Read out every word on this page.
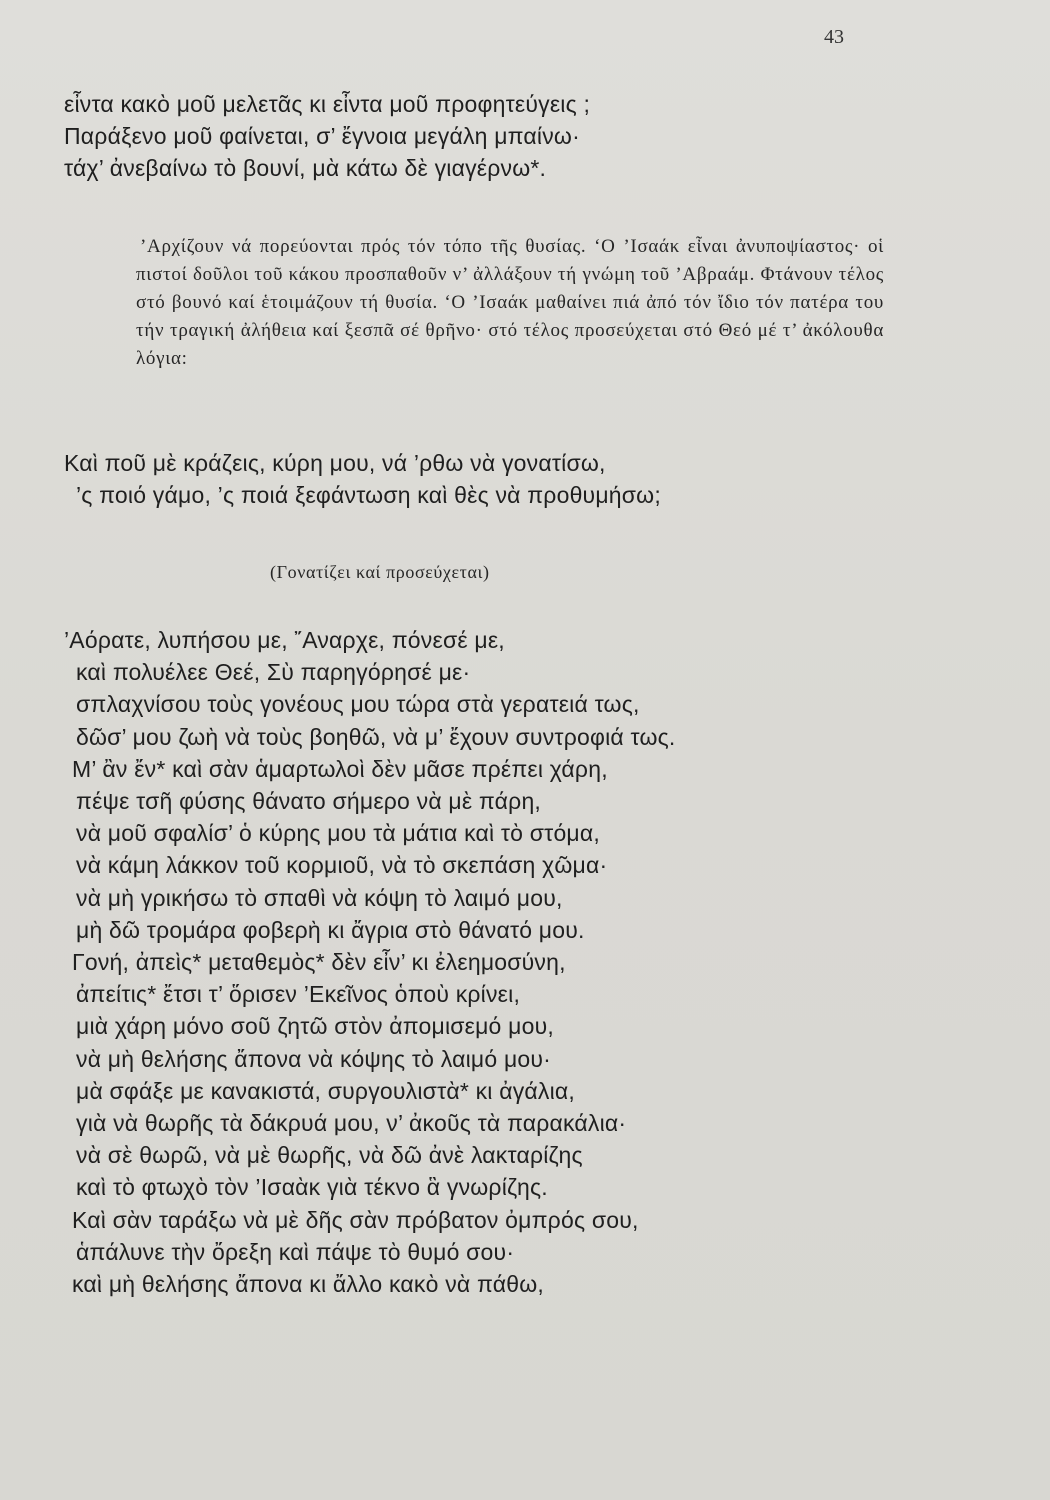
43
εἶντα κακὸ μοῦ μελετᾶς κι εἶντα μοῦ προφητεύγεις ;
Παράξενο μοῦ φαίνεται, σ’ ἔγνοια μεγάλη μπαίνω·
τάχ’ ἀνεβαίνω τὸ βουνί, μὰ κάτω δὲ γιαγέρνω*.
’Αρχίζουν νά πορεύονται πρός τόν τόπο τῆς θυσίας. ‘Ο ’Ισαάκ εἶναι ἀνυποψίαστος· οἱ πιστοί δοῦλοι τοῦ κάκου προσπαθοῦν ν’ ἀλλάξουν τή γνώμη τοῦ ’Αβραάμ. Φτάνουν τέλος στό βουνό καί ἑτοιμάζουν τή θυσία. ‘Ο ’Ισαάκ μαθαίνει πιά ἀπό τόν ἴδιο τόν πατέρα του τήν τραγική ἀλήθεια καί ξεσπᾶ σέ θρῆνο· στό τέλος προσεύχεται στό Θεό μέ τ’ ἀκόλουθα λόγια:
Καὶ ποῦ μὲ κράζεις, κύρη μου, νά ’ρθω νὰ γονατίσω,
’ς ποιό γάμο, ’ς ποιά ξεφάντωση καὶ θὲς νὰ προθυμήσω;
(Γονατίζει καί προσεύχεται)
’Αόρατε, λυπήσου με, ῎Αναρχε, πόνεσέ με,
καὶ πολυέλεε Θεέ, Σὺ παρηγόρησέ με·
σπλαχνίσου τοὺς γονέους μου τώρα στὰ γερατειά τως,
δῶσ’ μου ζωὴ νὰ τοὺς βοηθῶ, νὰ μ’ ἔχουν συντροφιά τως.
Μ’ ἂν ἔν* καὶ σὰν ἁμαρτωλοὶ δὲν μᾶσε πρέπει χάρη,
πέψε τσῆ φύσης θάνατο σήμερο νὰ μὲ πάρη,
νὰ μοῦ σφαλίσ’ ὁ κύρης μου τὰ μάτια καὶ τὸ στόμα,
νὰ κάμη λάκκον τοῦ κορμιοῦ, νὰ τὸ σκεπάση χῶμα·
νὰ μὴ γρικήσω τὸ σπαθὶ νὰ κόψη τὸ λαιμό μου,
μὴ δῶ τρομάρα φοβερὴ κι ἄγρια στὸ θάνατό μου.
Γονή, ἀπεὶς* μεταθεμὸς* δὲν εἶν’ κι ἐλεημοσύνη,
ἀπείτις* ἔτσι τ’ ὅρισεν ’Εκεῖνος ὁποὺ κρίνει,
μιὰ χάρη μόνο σοῦ ζητῶ στὸν ἀπομισεμό μου,
νὰ μὴ θελήσης ἄπονα νὰ κόψης τὸ λαιμό μου·
μὰ σφάξε με κανακιστά, συργουλιστὰ* κι ἀγάλια,
γιὰ νὰ θωρῆς τὰ δάκρυά μου, ν’ ἀκοῦς τὰ παρακάλια·
νὰ σὲ θωρῶ, νὰ μὲ θωρῆς, νὰ δῶ ἀνὲ λακταρίζης
καὶ τὸ φτωχὸ τὸν ’Ισαὰκ γιὰ τέκνο ἃ γνωρίζης.
Καὶ σὰν ταράξω νὰ μὲ δῆς σὰν πρόβατον ὀμπρός σου,
ἁπάλυνε τὴν ὄρεξη καὶ πάψε τὸ θυμό σου·
καὶ μὴ θελήσης ἄπονα κι ἄλλο κακὸ νὰ πάθω,
